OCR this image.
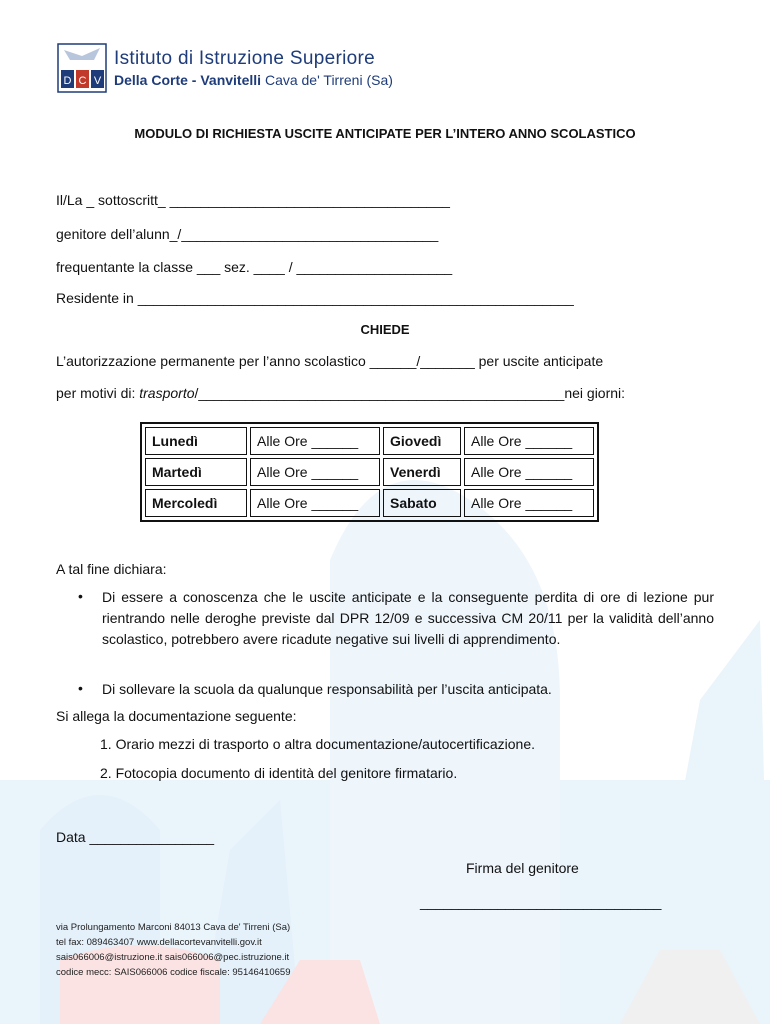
D C V
Istituto di Istruzione Superiore
Della Corte - Vanvitelli Cava de' Tirreni (Sa)
MODULO DI RICHIESTA USCITE ANTICIPATE PER L’INTERO ANNO SCOLASTICO
Il/La _ sottoscritt_ ____________________________________
genitore dell’alunn_/_________________________________
frequentante la classe ___ sez. ____ / ____________________
Residente in ________________________________________________________
CHIEDE
L’autorizzazione permanente per l’anno scolastico ______/_______ per uscite anticipate
per motivi di: trasporto/_______________________________________________nei giorni:
Lunedì	Alle Ore ______	Giovedì	Alle Ore ______
Martedì	Alle Ore ______	Venerdì	Alle Ore ______
Mercoledì	Alle Ore ______	Sabato	Alle Ore ______
A tal fine dichiara:
• Di essere a conoscenza che le uscite anticipate e la conseguente perdita di ore di lezione pur rientrando nelle deroghe previste dal DPR 12/09 e successiva CM 20/11 per la validità dell’anno scolastico, potrebbero avere ricadute negative sui livelli di apprendimento.
• Di sollevare la scuola da qualunque responsabilità per l’uscita anticipata.
Si allega la documentazione seguente:
1. Orario mezzi di trasporto o altra documentazione/autocertificazione.
2. Fotocopia documento di identità del genitore firmatario.
Data ________________
Firma del genitore
_______________________________
via Prolungamento Marconi 84013 Cava de' Tirreni (Sa)
tel fax: 089463407 www.dellacortevanvitelli.gov.it
sais066006@istruzione.it sais066006@pec.istruzione.it
codice mecc: SAIS066006 codice fiscale: 95146410659
